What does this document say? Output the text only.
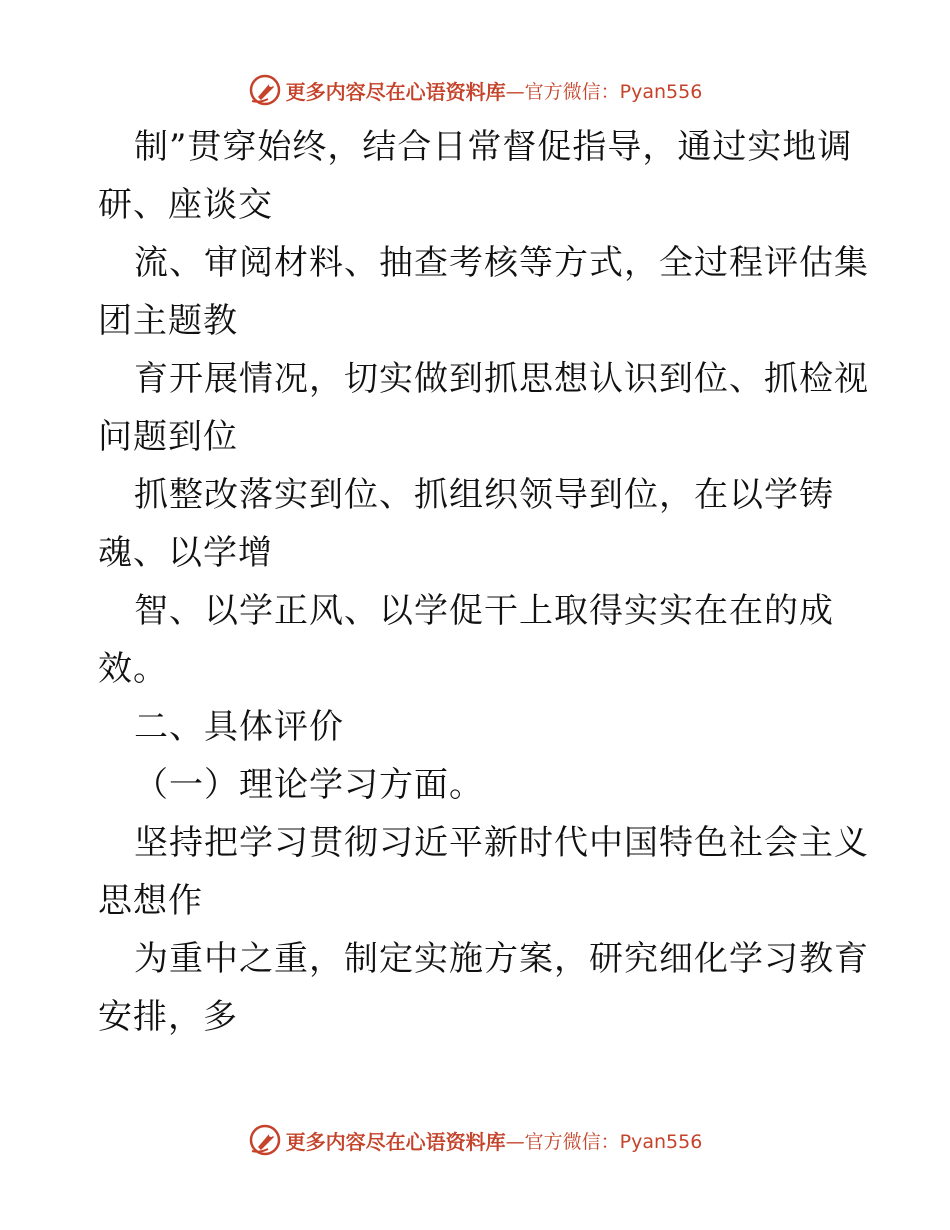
更多内容尽在心语资料库 —官方微信：Pyan556
制”贯穿始终，结合日常督促指导，通过实地调
研、座谈交
流、审阅材料、抽查考核等方式，全过程评估集
团主题教
育开展情况，切实做到抓思想认识到位、抓检视
问题到位
抓整改落实到位、抓组织领导到位，在以学铸
魂、以学增
智、以学正风、以学促干上取得实实在在的成
效。
二、具体评价
（一）理论学习方面。
坚持把学习贯彻习近平新时代中国特色社会主义
思想作
为重中之重，制定实施方案，研究细化学习教育
安排，多
更多内容尽在心语资料库 —官方微信：Pyan556
